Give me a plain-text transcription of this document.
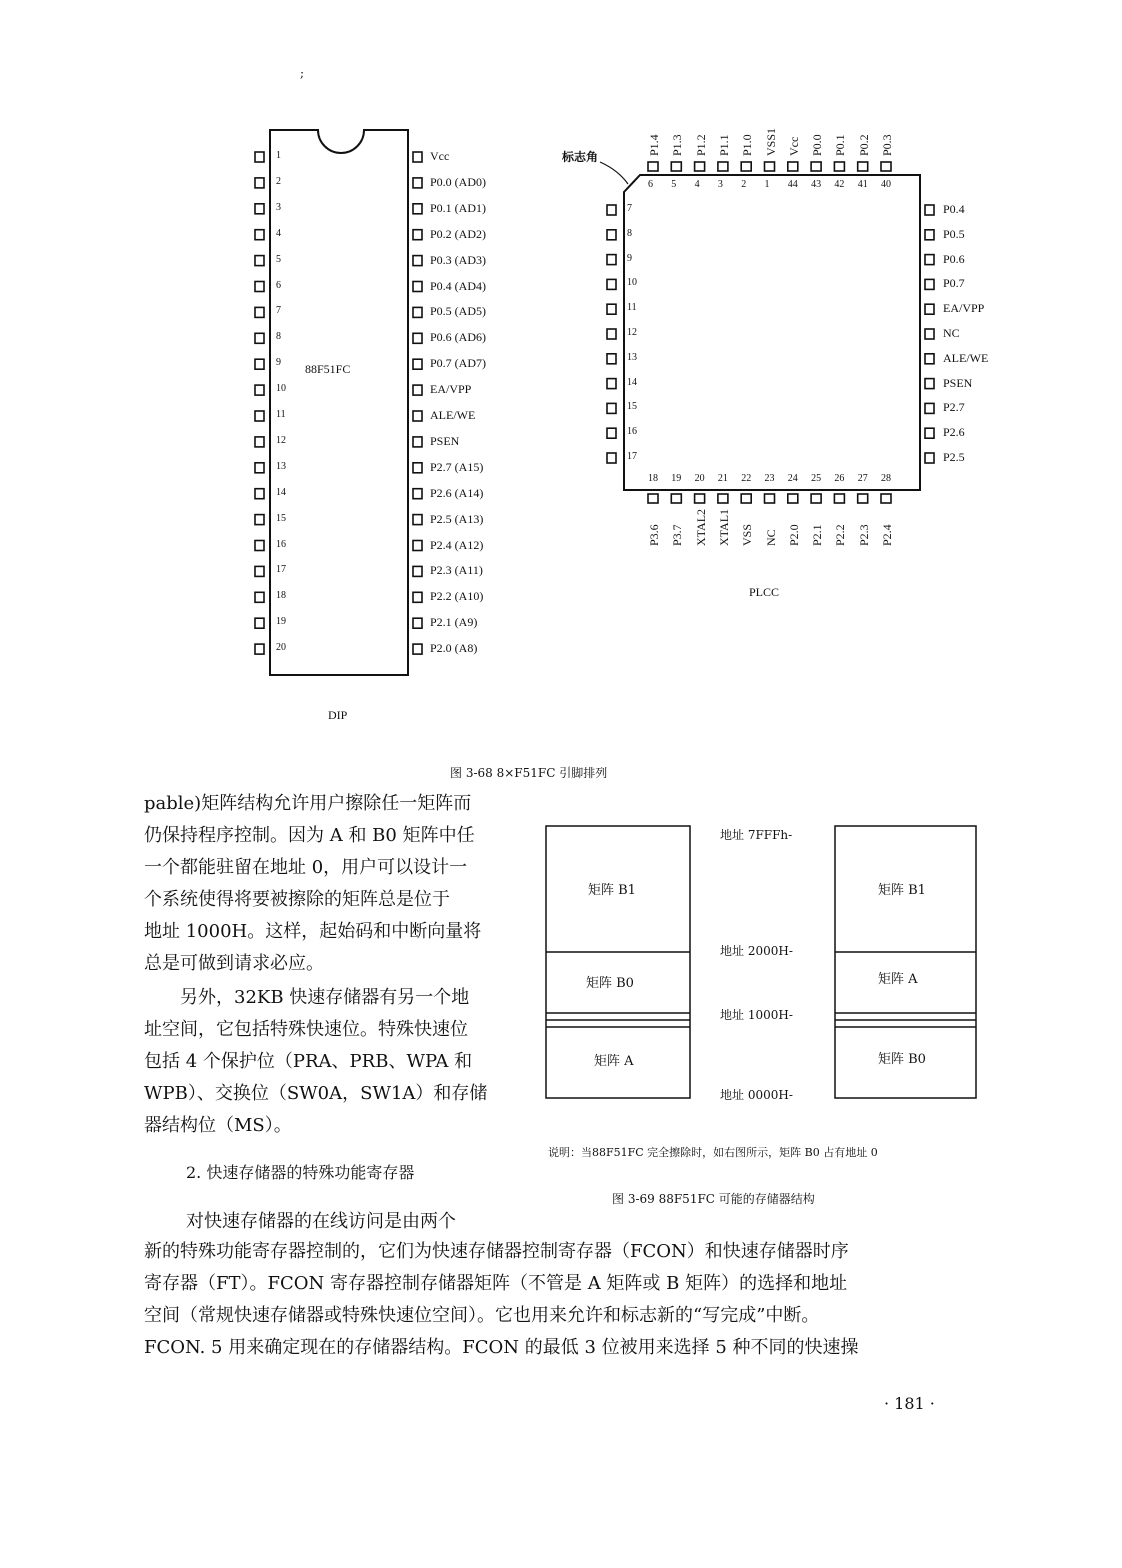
;
88F51FC
1
2
3
4
5
6
7
8
9
10
11
12
13
14
15
16
17
18
19
20
Vcc
P0.0 (AD0)
P0.1 (AD1)
P0.2 (AD2)
P0.3 (AD3)
P0.4 (AD4)
P0.5 (AD5)
P0.6 (AD6)
P0.7 (AD7)
EA/VPP
ALE/WE
PSEN
P2.7 (A15)
P2.6 (A14)
P2.5 (A13)
P2.4 (A12)
P2.3 (A11)
P2.2 (A10)
P2.1 (A9)
P2.0 (A8)
DIP
标志角
P1.4
6
P1.3
5
P1.2
4
P1.1
3
P1.0
2
VSS1
1
Vcc
44
P0.0
43
P0.1
42
P0.2
41
P0.3
40
7
8
9
10
11
12
13
14
15
16
17
P0.4
P0.5
P0.6
P0.7
EA/VPP
NC
ALE/WE
PSEN
P2.7
P2.6
P2.5
18
P3.6
19
P3.7
20
XTAL2
21
XTAL1
22
VSS
23
NC
24
P2.0
25
P2.1
26
P2.2
27
P2.3
28
P2.4
PLCC
图 3-68 8×F51FC 引脚排列
pable)矩阵结构允许用户擦除任一矩阵而
仍保持程序控制。因为 A 和 B0 矩阵中任
一个都能驻留在地址 0，用户可以设计一
个系统使得将要被擦除的矩阵总是位于
地址 1000H。这样，起始码和中断向量将
总是可做到请求必应。
另外，32KB 快速存储器有另一个地
址空间，它包括特殊快速位。特殊快速位
包括 4 个保护位（PRA、PRB、WPA 和
WPB）、交换位（SW0A，SW1A）和存储
器结构位（MS）。
2. 快速存储器的特殊功能寄存器
对快速存储器的在线访问是由两个
矩阵 B1
矩阵 B0
矩阵 A
矩阵 B1
矩阵 A
矩阵 B0
地址 7FFFh-
地址 2000H-
地址 1000H-
地址 0000H-
说明：当88F51FC 完全擦除时，如右图所示，矩阵 B0 占有地址 0
图 3-69 88F51FC 可能的存储器结构
新的特殊功能寄存器控制的，它们为快速存储器控制寄存器（FCON）和快速存储器时序
寄存器（FT）。FCON 寄存器控制存储器矩阵（不管是 A 矩阵或 B 矩阵）的选择和地址
空间（常规快速存储器或特殊快速位空间）。它也用来允许和标志新的“写完成”中断。
FCON. 5 用来确定现在的存储器结构。FCON 的最低 3 位被用来选择 5 种不同的快速操
· 181 ·
